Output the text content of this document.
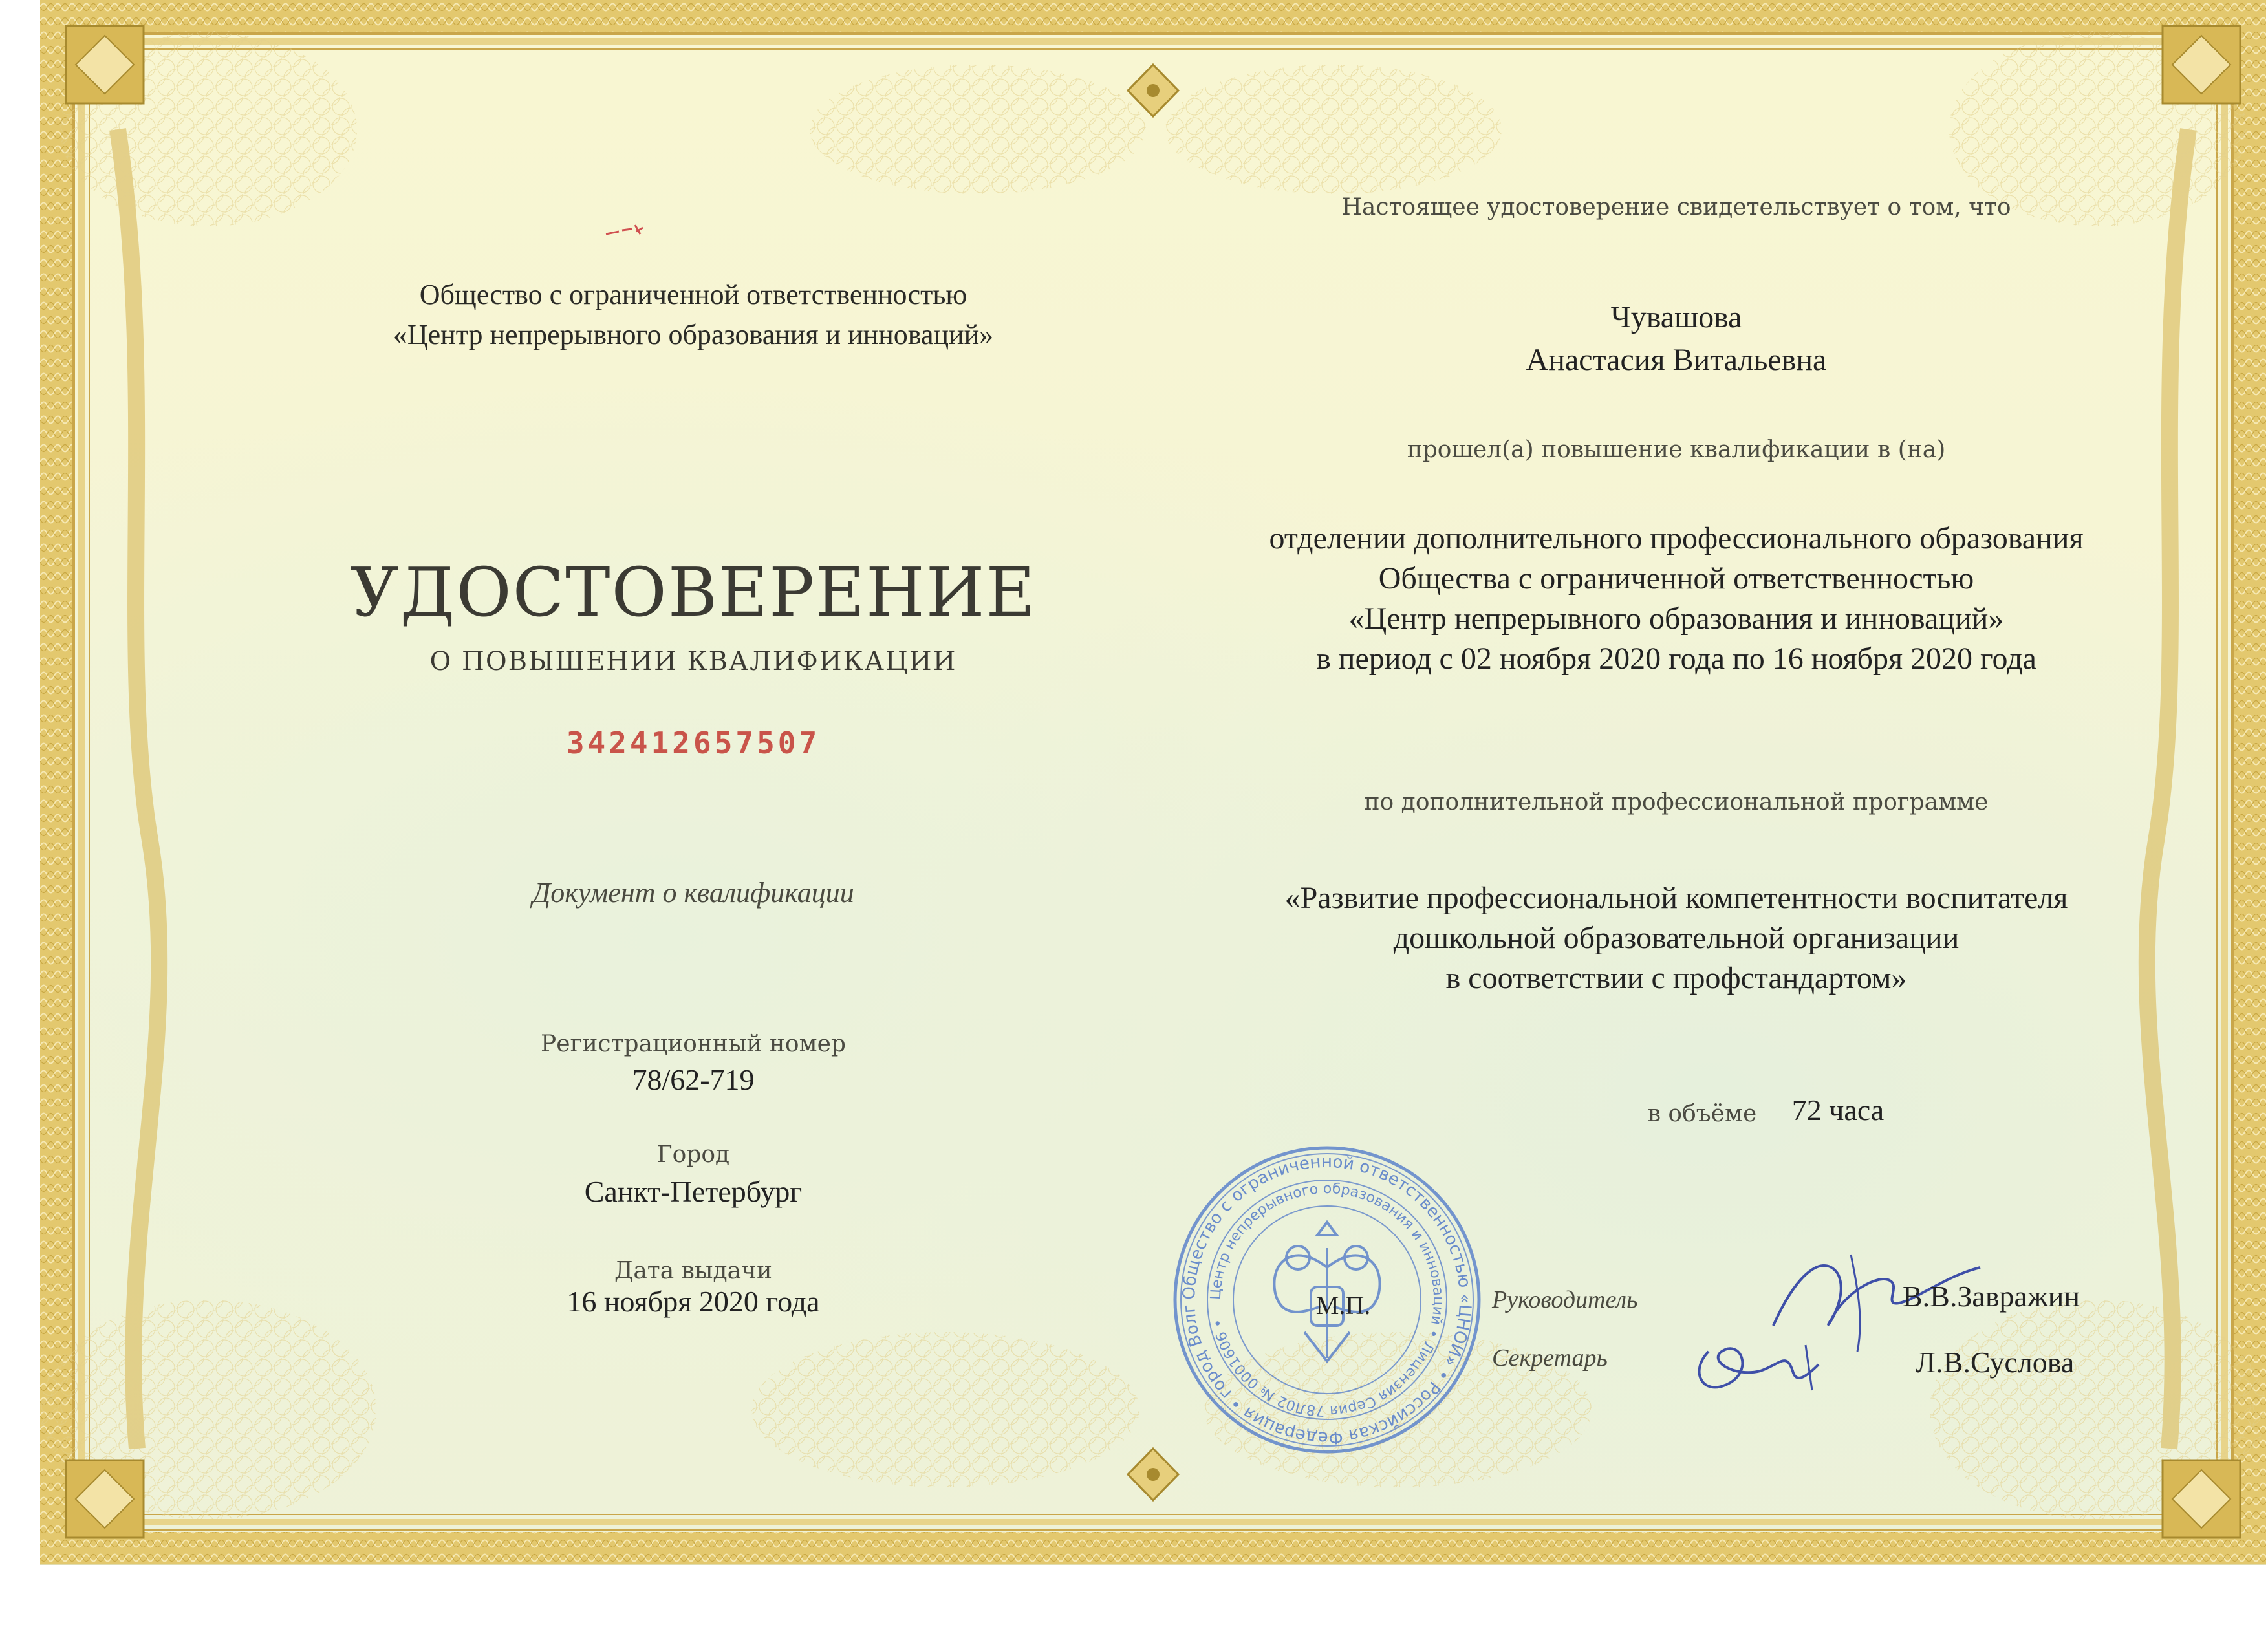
Общество с ограниченной ответственностью
«Центр непрерывного образования и инноваций»
УДОСТОВЕРЕНИЕ
О ПОВЫШЕНИИ КВАЛИФИКАЦИИ
342412657507
Документ о квалификации
Регистрационный номер
78/62-719
Город
Санкт-Петербург
Дата выдачи
16 ноября 2020 года
Настоящее удостоверение свидетельствует о том, что
Чувашова
Анастасия Витальевна
прошел(а) повышение квалификации в (на)
отделении дополнительного профессионального образования
Общества с ограниченной ответственностью
«Центр непрерывного образования и инноваций»
в период с 02 ноября 2020 года по 16 ноября 2020 года
по дополнительной профессиональной программе
«Развитие профессиональной компетентности воспитателя
дошкольной образовательной организации
в соответствии с профстандартом»
в объёме	72 часа
Общество с ограниченной ответственностью «ЦНОИ» • Российская Федерация • город Волг
Центр непрерывного образования и инноваций • Лицензия Серия 78Л02 № 0001606 •
М.П.	Руководитель
Секретарь
В.В.Завражин
Л.В.Суслова
